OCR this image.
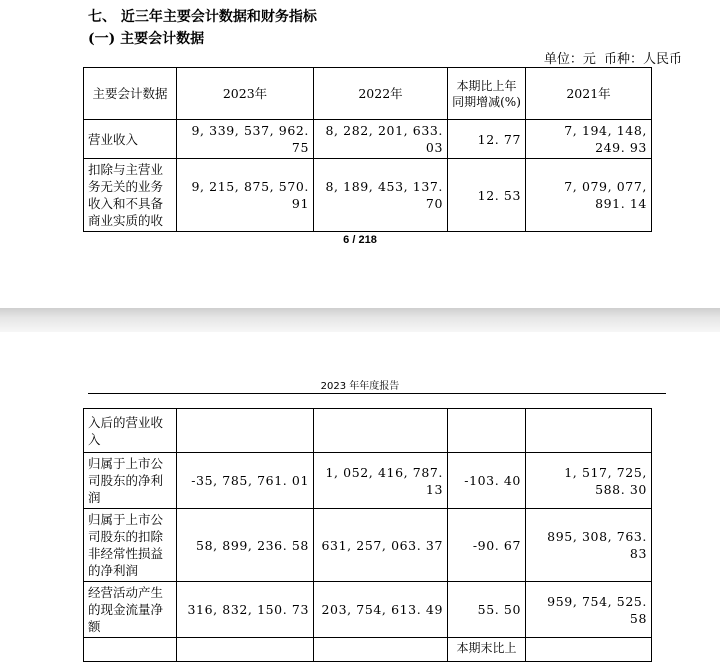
七、 近三年主要会计数据和财务指标
(一) 主要会计数据
单位：元 币种：人民币
主要会计数据	2023年	2022年	本期比上年同期增减(%)	2021年
营业收入	9, 339, 537, 962. 75	8, 282, 201, 633. 03	12. 77	7, 194, 148, 249. 93
扣除与主营业务无关的业务收入和不具备商业实质的收	9, 215, 875, 570. 91	8, 189, 453, 137. 70	12. 53	7, 079, 077, 891. 14
6 / 218
2023 年年度报告
入后的营业收入				
归属于上市公司股东的净利润	-35, 785, 761. 01	1, 052, 416, 787. 13	-103. 40	1, 517, 725, 588. 30
归属于上市公司股东的扣除非经常性损益的净利润	58, 899, 236. 58	631, 257, 063. 37	-90. 67	895, 308, 763. 83
经营活动产生的现金流量净额	316, 832, 150. 73	203, 754, 613. 49	55. 50	959, 754, 525. 58
			本期末比上	
